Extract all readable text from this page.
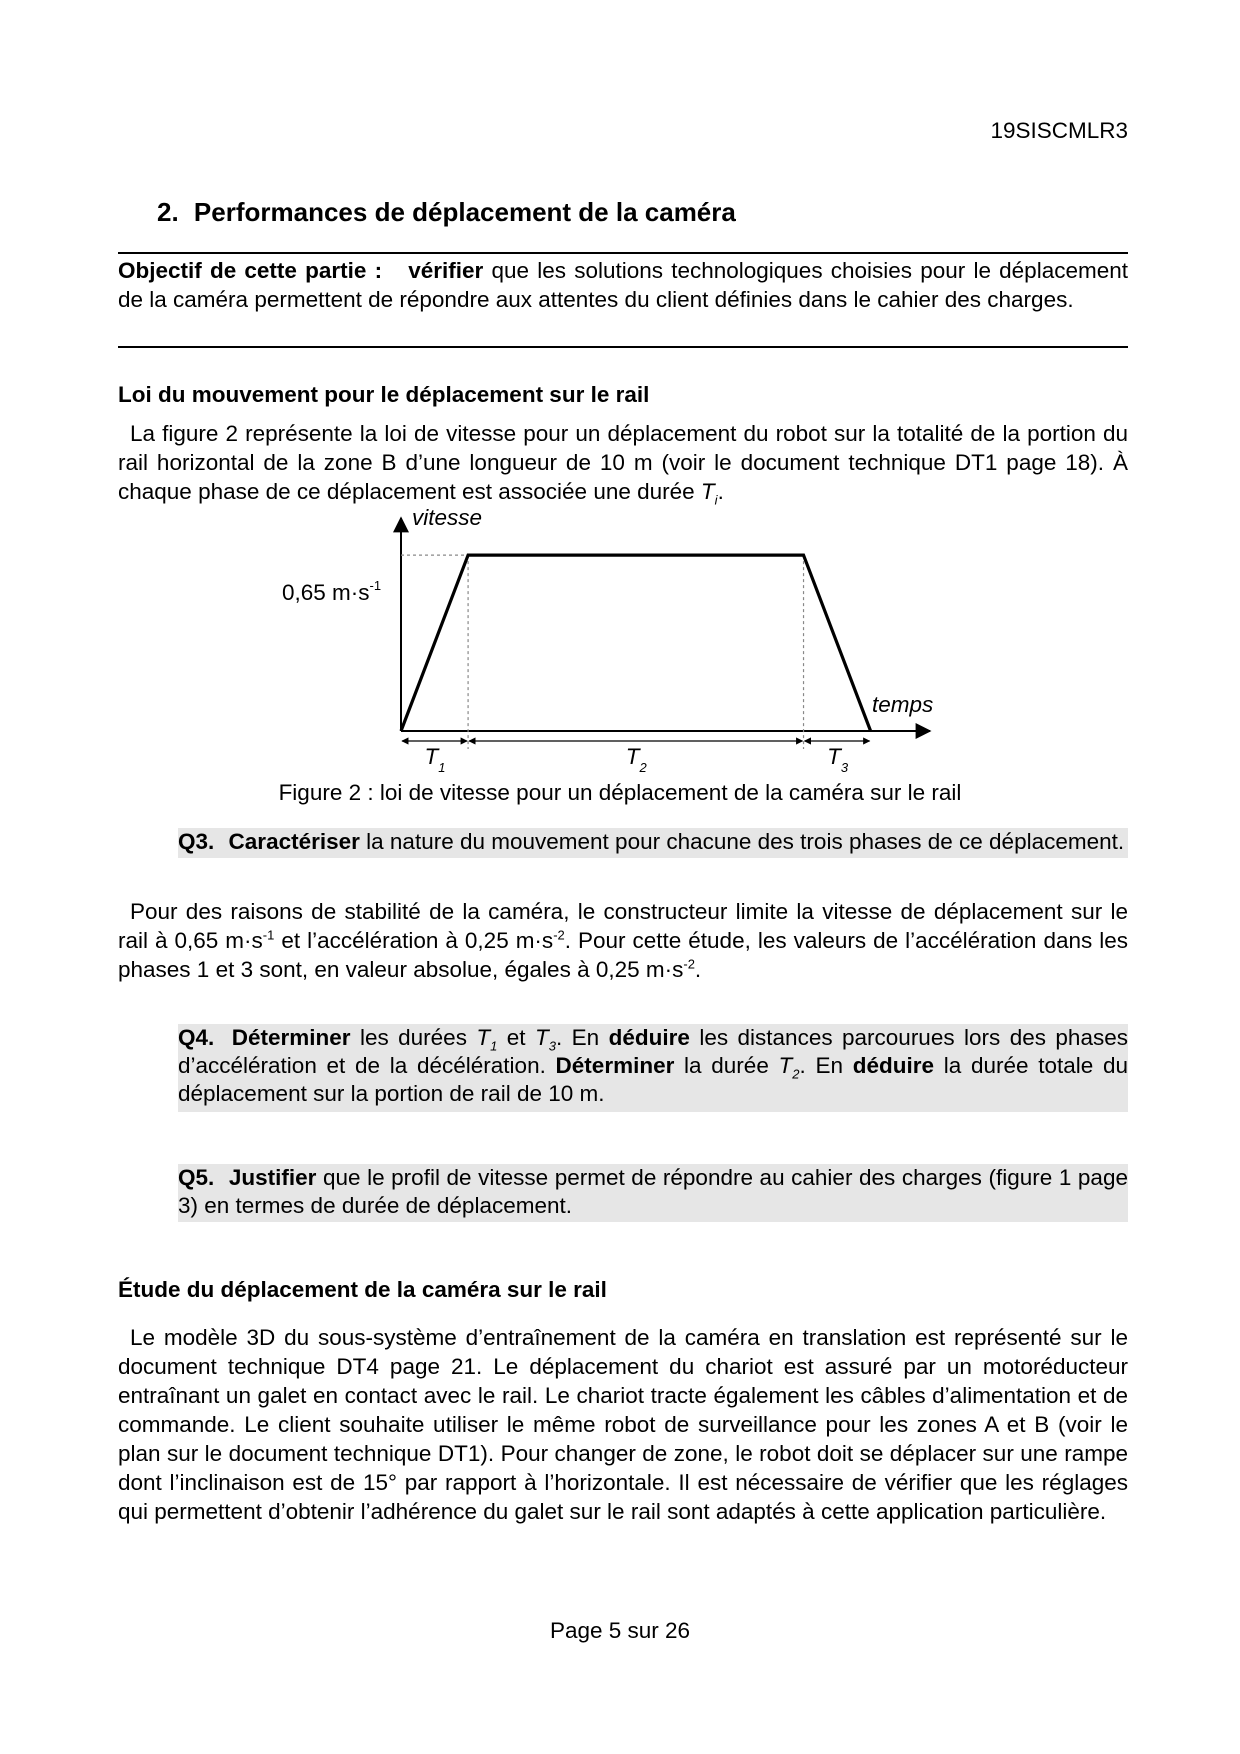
19SISCMLR3
2. Performances de déplacement de la caméra
Objectif de cette partie : vérifier que les solutions technologiques choisies pour le déplacement de la caméra permettent de répondre aux attentes du client définies dans le cahier des charges.
Loi du mouvement pour le déplacement sur le rail
La figure 2 représente la loi de vitesse pour un déplacement du robot sur la totalité de la portion du rail horizontal de la zone B d’une longueur de 10 m (voir le document technique DT1 page 18). À chaque phase de ce déplacement est associée une durée $T_i$.
vitesse
temps
0,65 $m\cdot s^{-1}$
$T_1$	$T_2$	$T_3$
Figure 2 : loi de vitesse pour un déplacement de la caméra sur le rail
Q3. Caractériser la nature du mouvement pour chacune des trois phases de ce déplacement.
Pour des raisons de stabilité de la caméra, le constructeur limite la vitesse de déplacement sur le rail à 0,65 $m\cdot s^{-1}$ et l’accélération à 0,25 $m\cdot s^{-2}$. Pour cette étude, les valeurs de l’accélération dans les phases 1 et 3 sont, en valeur absolue, égales à 0,25 $m\cdot s^{-2}$.
Q4. Déterminer les durées $T_1$ et $T_3$. En déduire les distances parcourues lors des phases d’accélération et de la décélération. Déterminer la durée $T_2$. En déduire la durée totale du déplacement sur la portion de rail de 10 m.
Q5. Justifier que le profil de vitesse permet de répondre au cahier des charges (figure 1 page 3) en termes de durée de déplacement.
Étude du déplacement de la caméra sur le rail
Le modèle 3D du sous-système d’entraînement de la caméra en translation est représenté sur le document technique DT4 page 21. Le déplacement du chariot est assuré par un motoréducteur entraînant un galet en contact avec le rail. Le chariot tracte également les câbles d’alimentation et de commande. Le client souhaite utiliser le même robot de surveillance pour les zones A et B (voir le plan sur le document technique DT1). Pour changer de zone, le robot doit se déplacer sur une rampe dont l’inclinaison est de 15° par rapport à l’horizontale. Il est nécessaire de vérifier que les réglages qui permettent d’obtenir l’adhérence du galet sur le rail sont adaptés à cette application particulière.
Page 5 sur 26
